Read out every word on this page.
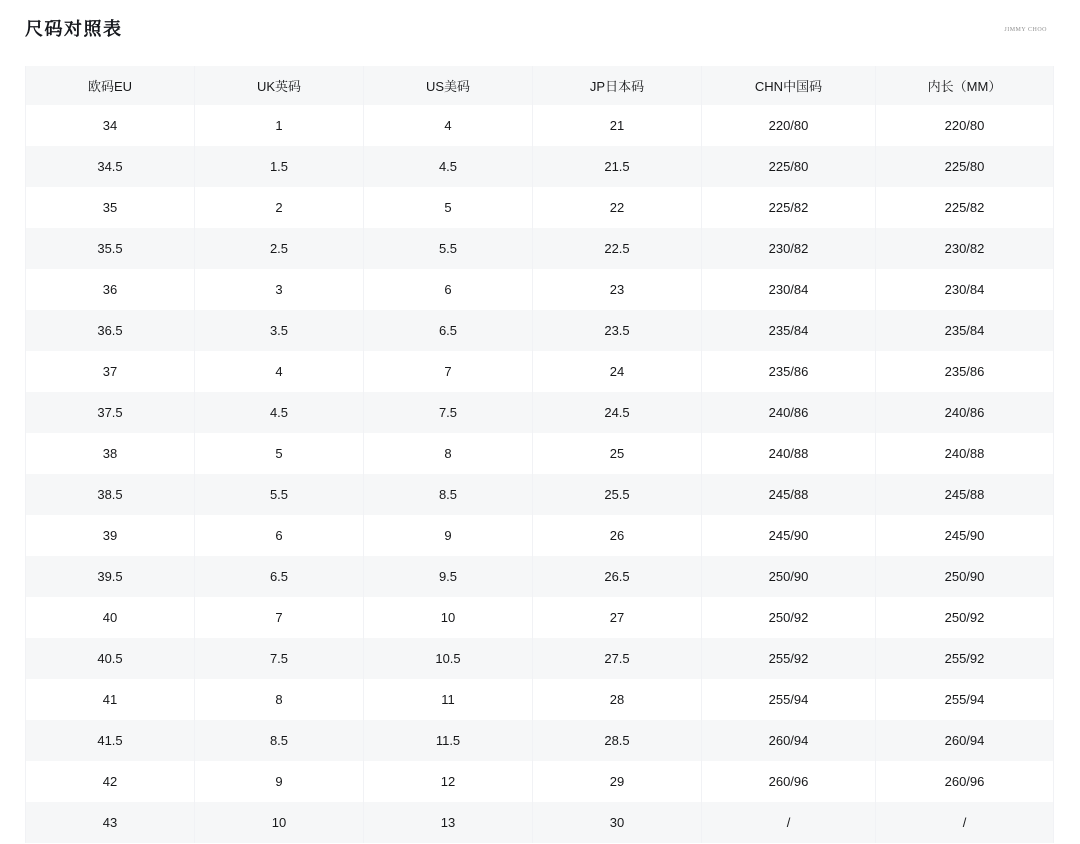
尺码对照表	JIMMY CHOO
欧码EU	UK英码	US美码	JP日本码	CHN中国码	内长（MM）
34	1	4	21	220/80	220/80
34.5	1.5	4.5	21.5	225/80	225/80
35	2	5	22	225/82	225/82
35.5	2.5	5.5	22.5	230/82	230/82
36	3	6	23	230/84	230/84
36.5	3.5	6.5	23.5	235/84	235/84
37	4	7	24	235/86	235/86
37.5	4.5	7.5	24.5	240/86	240/86
38	5	8	25	240/88	240/88
38.5	5.5	8.5	25.5	245/88	245/88
39	6	9	26	245/90	245/90
39.5	6.5	9.5	26.5	250/90	250/90
40	7	10	27	250/92	250/92
40.5	7.5	10.5	27.5	255/92	255/92
41	8	11	28	255/94	255/94
41.5	8.5	11.5	28.5	260/94	260/94
42	9	12	29	260/96	260/96
43	10	13	30	/	/
